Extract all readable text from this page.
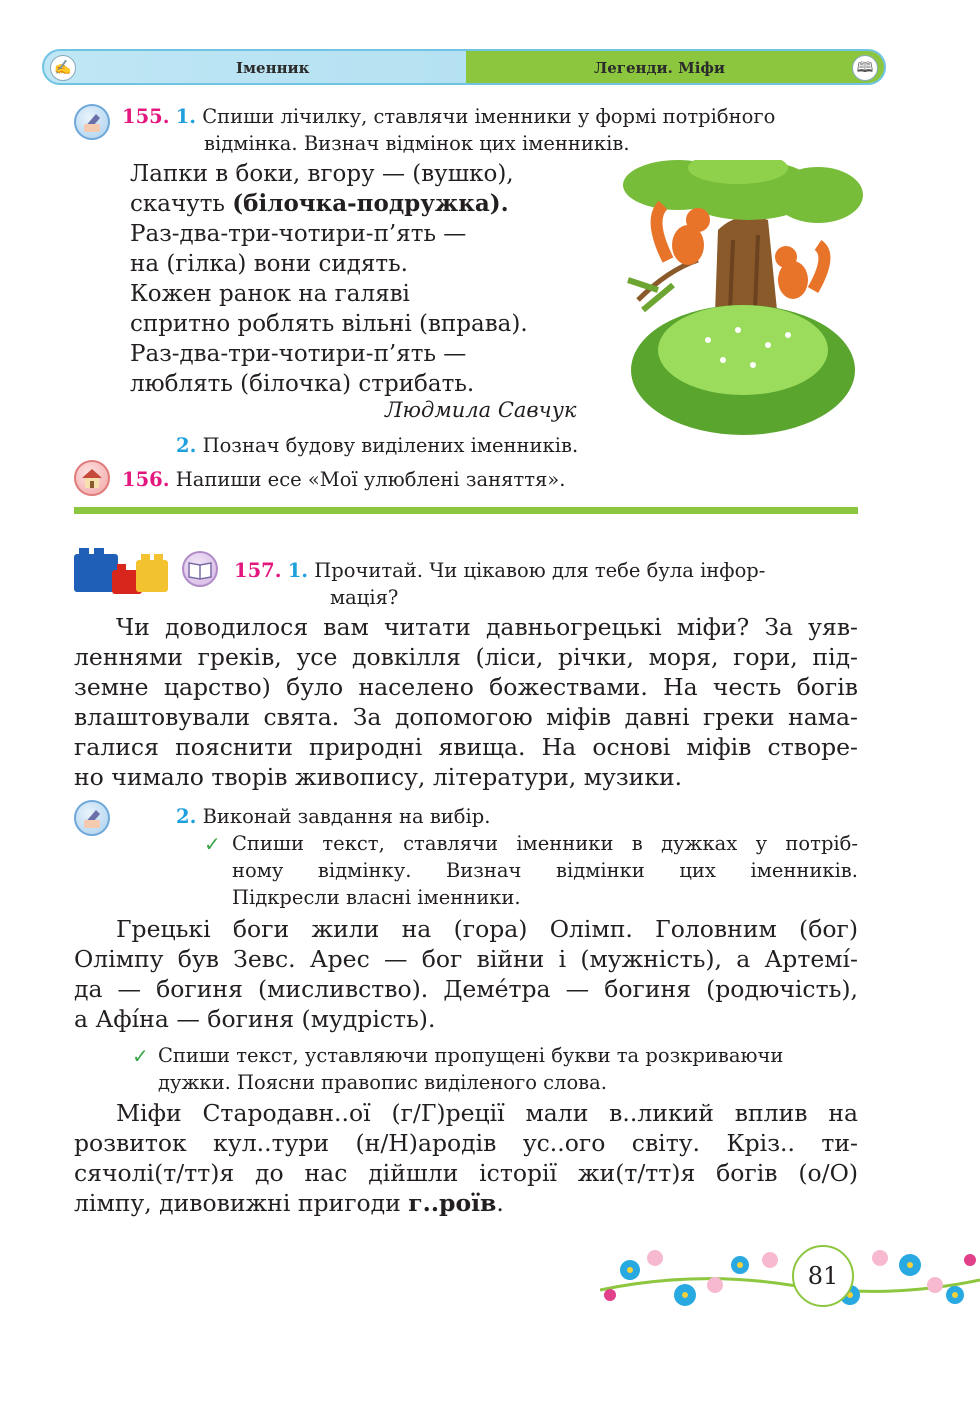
✍	Іменник	Легенди. Міфи	🕮
155. 1. Спиши лічилку, ставлячи іменники у формі потрібного
відмінка. Визнач відмінок цих іменників.
Лапки в боки, вгору — (вушко),
скачуть (білочка-подружка).
Раз-два-три-чотири-п’ять —
на (гілка) вони сидять.
Кожен ранок на галяві
спритно роблять вільні (вправа).
Раз-два-три-чотири-п’ять —
люблять (білочка) стрибать.
Людмила Савчук
2. Познач будову виділених іменників.
156. Напиши есе «Мої улюблені заняття».
157. 1. Прочитай. Чи цікавою для тебе була інфор-
мація?
Чи доводилося вам читати давньогрецькі міфи? За уяв-
леннями греків, усе довкілля (ліси, річки, моря, гори, під-
земне царство) було населено божествами. На честь богів
влаштовували свята. За допомогою міфів давні греки нама-
галися пояснити природні явища. На основі міфів створе-
но чимало творів живопису, літератури, музики.
2. Виконай завдання на вибір.
✓ Спиши текст, ставлячи іменники в дужках у потріб-
ному відмінку. Визнач відмінки цих іменників.
Підкресли власні іменники.
Грецькі боги жили на (гора) Олімп. Головним (бог)
Олімпу був Зевс. Арес — бог війни і (мужність), а Артемі́-
да — богиня (мисливство). Деме́тра — богиня (родючість),
а Афі́на — богиня (мудрість).
✓ Спиши текст, уставляючи пропущені букви та розкриваючи
дужки. Поясни правопис виділеного слова.
Міфи Стародавн..ої (г/Г)реції мали в..ликий вплив на
розвиток кул..тури (н/Н)ародів ус..ого світу. Кріз.. ти-
сячолі(т/тт)я до нас дійшли історії жи(т/тт)я богів (о/О)
лімпу, дивовижні пригоди г..роїв.
81
